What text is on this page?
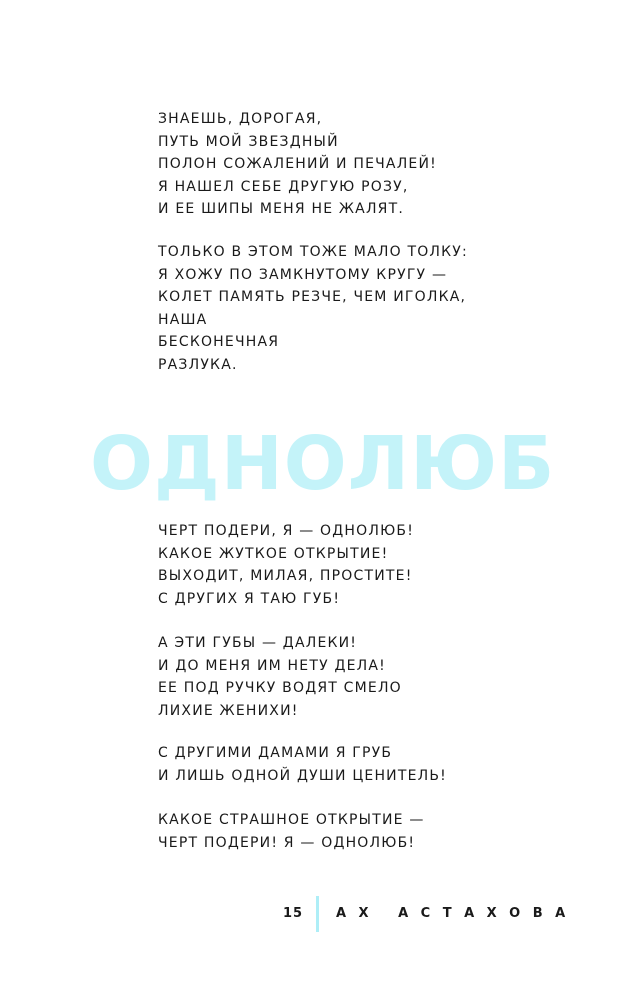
ЗНАЕШЬ, ДОРОГАЯ,
ПУТЬ МОЙ ЗВЕЗДНЫЙ
ПОЛОН СОЖАЛЕНИЙ И ПЕЧАЛЕЙ!
Я НАШЕЛ СЕБЕ ДРУГУЮ РОЗУ,
И ЕЕ ШИПЫ МЕНЯ НЕ ЖАЛЯТ.
ТОЛЬКО В ЭТОМ ТОЖЕ МАЛО ТОЛКУ:
Я ХОЖУ ПО ЗАМКНУТОМУ КРУГУ —
КОЛЕТ ПАМЯТЬ РЕЗЧЕ, ЧЕМ ИГОЛКА,
НАША
БЕСКОНЕЧНАЯ
РАЗЛУКА.
ОДНОЛЮБ
ЧЕРТ ПОДЕРИ, Я — ОДНОЛЮБ!
КАКОЕ ЖУТКОЕ ОТКРЫТИЕ!
ВЫХОДИТ, МИЛАЯ, ПРОСТИТЕ!
С ДРУГИХ Я ТАЮ ГУБ!
А ЭТИ ГУБЫ — ДАЛЕКИ!
И ДО МЕНЯ ИМ НЕТУ ДЕЛА!
ЕЕ ПОД РУЧКУ ВОДЯТ СМЕЛО
ЛИХИЕ ЖЕНИХИ!
С ДРУГИМИ ДАМАМИ Я ГРУБ
И ЛИШЬ ОДНОЙ ДУШИ ЦЕНИТЕЛЬ!
КАКОЕ СТРАШНОЕ ОТКРЫТИЕ —
ЧЕРТ ПОДЕРИ! Я — ОДНОЛЮБ!
15	АХ АСТАХОВА
